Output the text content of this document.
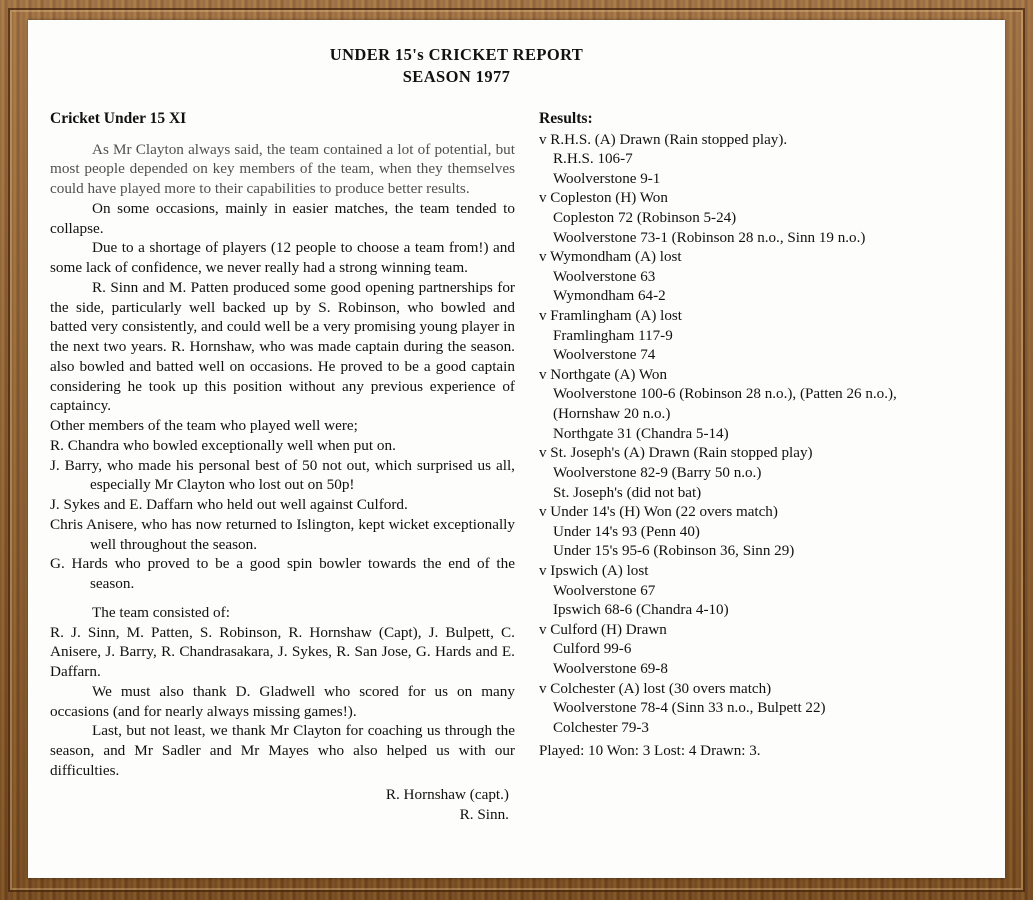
UNDER 15's CRICKET REPORT
SEASON 1977
Cricket Under 15 XI

As Mr Clayton always said, the team contained a lot of potential, but most people depended on key members of the team, when they themselves could have played more to their capabilities to produce better results.

On some occasions, mainly in easier matches, the team tended to collapse.

Due to a shortage of players (12 people to choose a team from!) and some lack of confidence, we never really had a strong winning team.

R. Sinn and M. Patten produced some good opening partnerships for the side, particularly well backed up by S. Robinson, who bowled and batted very consistently, and could well be a very promising young player in the next two years. R. Hornshaw, who was made captain during the season. also bowled and batted well on occasions. He proved to be a good captain considering he took up this position without any previous experience of captaincy.

Other members of the team who played well were;

R. Chandra who bowled exceptionally well when put on.
J. Barry, who made his personal best of 50 not out, which surprised us all, especially Mr Clayton who lost out on 50p!
J. Sykes and E. Daffarn who held out well against Culford.
Chris Anisere, who has now returned to Islington, kept wicket exceptionally well throughout the season.
G. Hards who proved to be a good spin bowler towards the end of the season.

The team consisted of:

R. J. Sinn, M. Patten, S. Robinson, R. Hornshaw (Capt), J. Bulpett, C. Anisere, J. Barry, R. Chandrasakara, J. Sykes, R. San Jose, G. Hards and E. Daffarn.

We must also thank D. Gladwell who scored for us on many occasions (and for nearly always missing games!).

Last, but not least, we thank Mr Clayton for coaching us through the season, and Mr Sadler and Mr Mayes who also helped us with our difficulties.

R. Hornshaw (capt.)
R. Sinn.
Results:
v R.H.S. (A) Drawn (Rain stopped play).
R.H.S. 106-7
Woolverstone 9-1
v Copleston (H) Won
Copleston 72 (Robinson 5-24)
Woolverstone 73-1 (Robinson 28 n.o., Sinn 19 n.o.)
v Wymondham (A) lost
Woolverstone 63
Wymondham 64-2
v Framlingham (A) lost
Framlingham 117-9
Woolverstone 74
v Northgate (A) Won
Woolverstone 100-6 (Robinson 28 n.o.), (Patten 26 n.o.),
(Hornshaw 20 n.o.)
Northgate 31 (Chandra 5-14)
v St. Joseph's (A) Drawn (Rain stopped play)
Woolverstone 82-9 (Barry 50 n.o.)
St. Joseph's (did not bat)
v Under 14's (H) Won (22 overs match)
Under 14's 93 (Penn 40)
Under 15's 95-6 (Robinson 36, Sinn 29)
v Ipswich (A) lost
Woolverstone 67
Ipswich 68-6 (Chandra 4-10)
v Culford (H) Drawn
Culford 99-6
Woolverstone 69-8
v Colchester (A) lost (30 overs match)
Woolverstone 78-4 (Sinn 33 n.o., Bulpett 22)
Colchester 79-3
Played: 10 Won: 3 Lost: 4 Drawn: 3.
